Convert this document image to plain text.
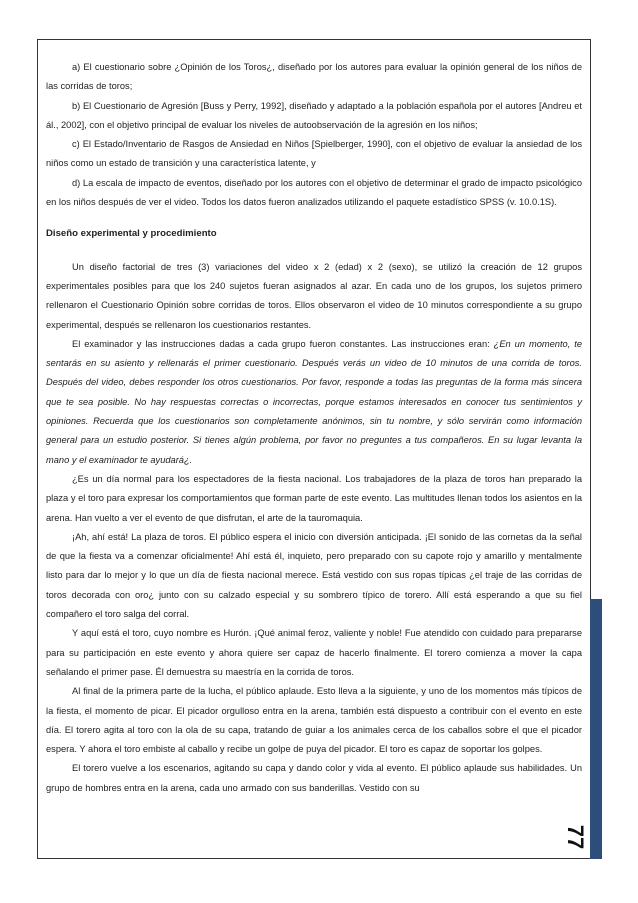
a) El cuestionario sobre ¿Opinión de los Toros¿, diseñado por los autores para evaluar la opinión general de los niños de las corridas de toros;

b) El Cuestionario de Agresión [Buss y Perry, 1992], diseñado y adaptado a la población española por el autores [Andreu et ál., 2002], con el objetivo principal de evaluar los niveles de autoobservación de la agresión en los niños;

c) El Estado/Inventario de Rasgos de Ansiedad en Niños [Spielberger, 1990], con el objetivo de evaluar la ansiedad de los niños como un estado de transición y una característica latente, y

d) La escala de impacto de eventos, diseñado por los autores con el objetivo de determinar el grado de impacto psicológico en los niños después de ver el video. Todos los datos fueron analizados utilizando el paquete estadístico SPSS (v. 10.0.1S).

Diseño experimental y procedimiento

Un diseño factorial de tres (3) variaciones del video x 2 (edad) x 2 (sexo), se utilizó la creación de 12 grupos experimentales posibles para que los 240 sujetos fueran asignados al azar. En cada uno de los grupos, los sujetos primero rellenaron el Cuestionario Opinión sobre corridas de toros. Ellos observaron el video de 10 minutos correspondiente a su grupo experimental, después se rellenaron los cuestionarios restantes.

El examinador y las instrucciones dadas a cada grupo fueron constantes. Las instrucciones eran: ¿En un momento, te sentarás en su asiento y rellenarás el primer cuestionario. Después verás un video de 10 minutos de una corrida de toros. Después del video, debes responder los otros cuestionarios. Por favor, responde a todas las preguntas de la forma más sincera que te sea posible. No hay respuestas correctas o incorrectas, porque estamos interesados en conocer tus sentimientos y opiniones. Recuerda que los cuestionarios son completamente anónimos, sin tu nombre, y sólo servirán como información general para un estudio posterior. Si tienes algún problema, por favor no preguntes a tus compañeros. En su lugar levanta la mano y el examinador te ayudará¿.

¿Es un día normal para los espectadores de la fiesta nacional. Los trabajadores de la plaza de toros han preparado la plaza y el toro para expresar los comportamientos que forman parte de este evento. Las multitudes llenan todos los asientos en la arena. Han vuelto a ver el evento de que disfrutan, el arte de la tauromaquia.

¡Ah, ahí está! La plaza de toros. El público espera el inicio con diversión anticipada. ¡El sonido de las cornetas da la señal de que la fiesta va a comenzar oficialmente! Ahí está él, inquieto, pero preparado con su capote rojo y amarillo y mentalmente listo para dar lo mejor y lo que un día de fiesta nacional merece. Está vestido con sus ropas típicas ¿el traje de las corridas de toros decorada con oro¿ junto con su calzado especial y su sombrero típico de torero. Allí está esperando a que su fiel compañero el toro salga del corral.

Y aquí está el toro, cuyo nombre es Hurón. ¡Qué animal feroz, valiente y noble! Fue atendido con cuidado para prepararse para su participación en este evento y ahora quiere ser capaz de hacerlo finalmente. El torero comienza a mover la capa señalando el primer pase. Él demuestra su maestría en la corrida de toros.

Al final de la primera parte de la lucha, el público aplaude. Esto lleva a la siguiente, y uno de los momentos más típicos de la fiesta, el momento de picar. El picador orgulloso entra en la arena, también está dispuesto a contribuir con el evento en este día. El torero agita al toro con la ola de su capa, tratando de guiar a los animales cerca de los caballos sobre el que el picador espera. Y ahora el toro embiste al caballo y recibe un golpe de puya del picador. El toro es capaz de soportar los golpes.

El torero vuelve a los escenarios, agitando su capa y dando color y vida al evento. El público aplaude sus habilidades. Un grupo de hombres entra en la arena, cada uno armado con sus banderillas. Vestido con su

77
